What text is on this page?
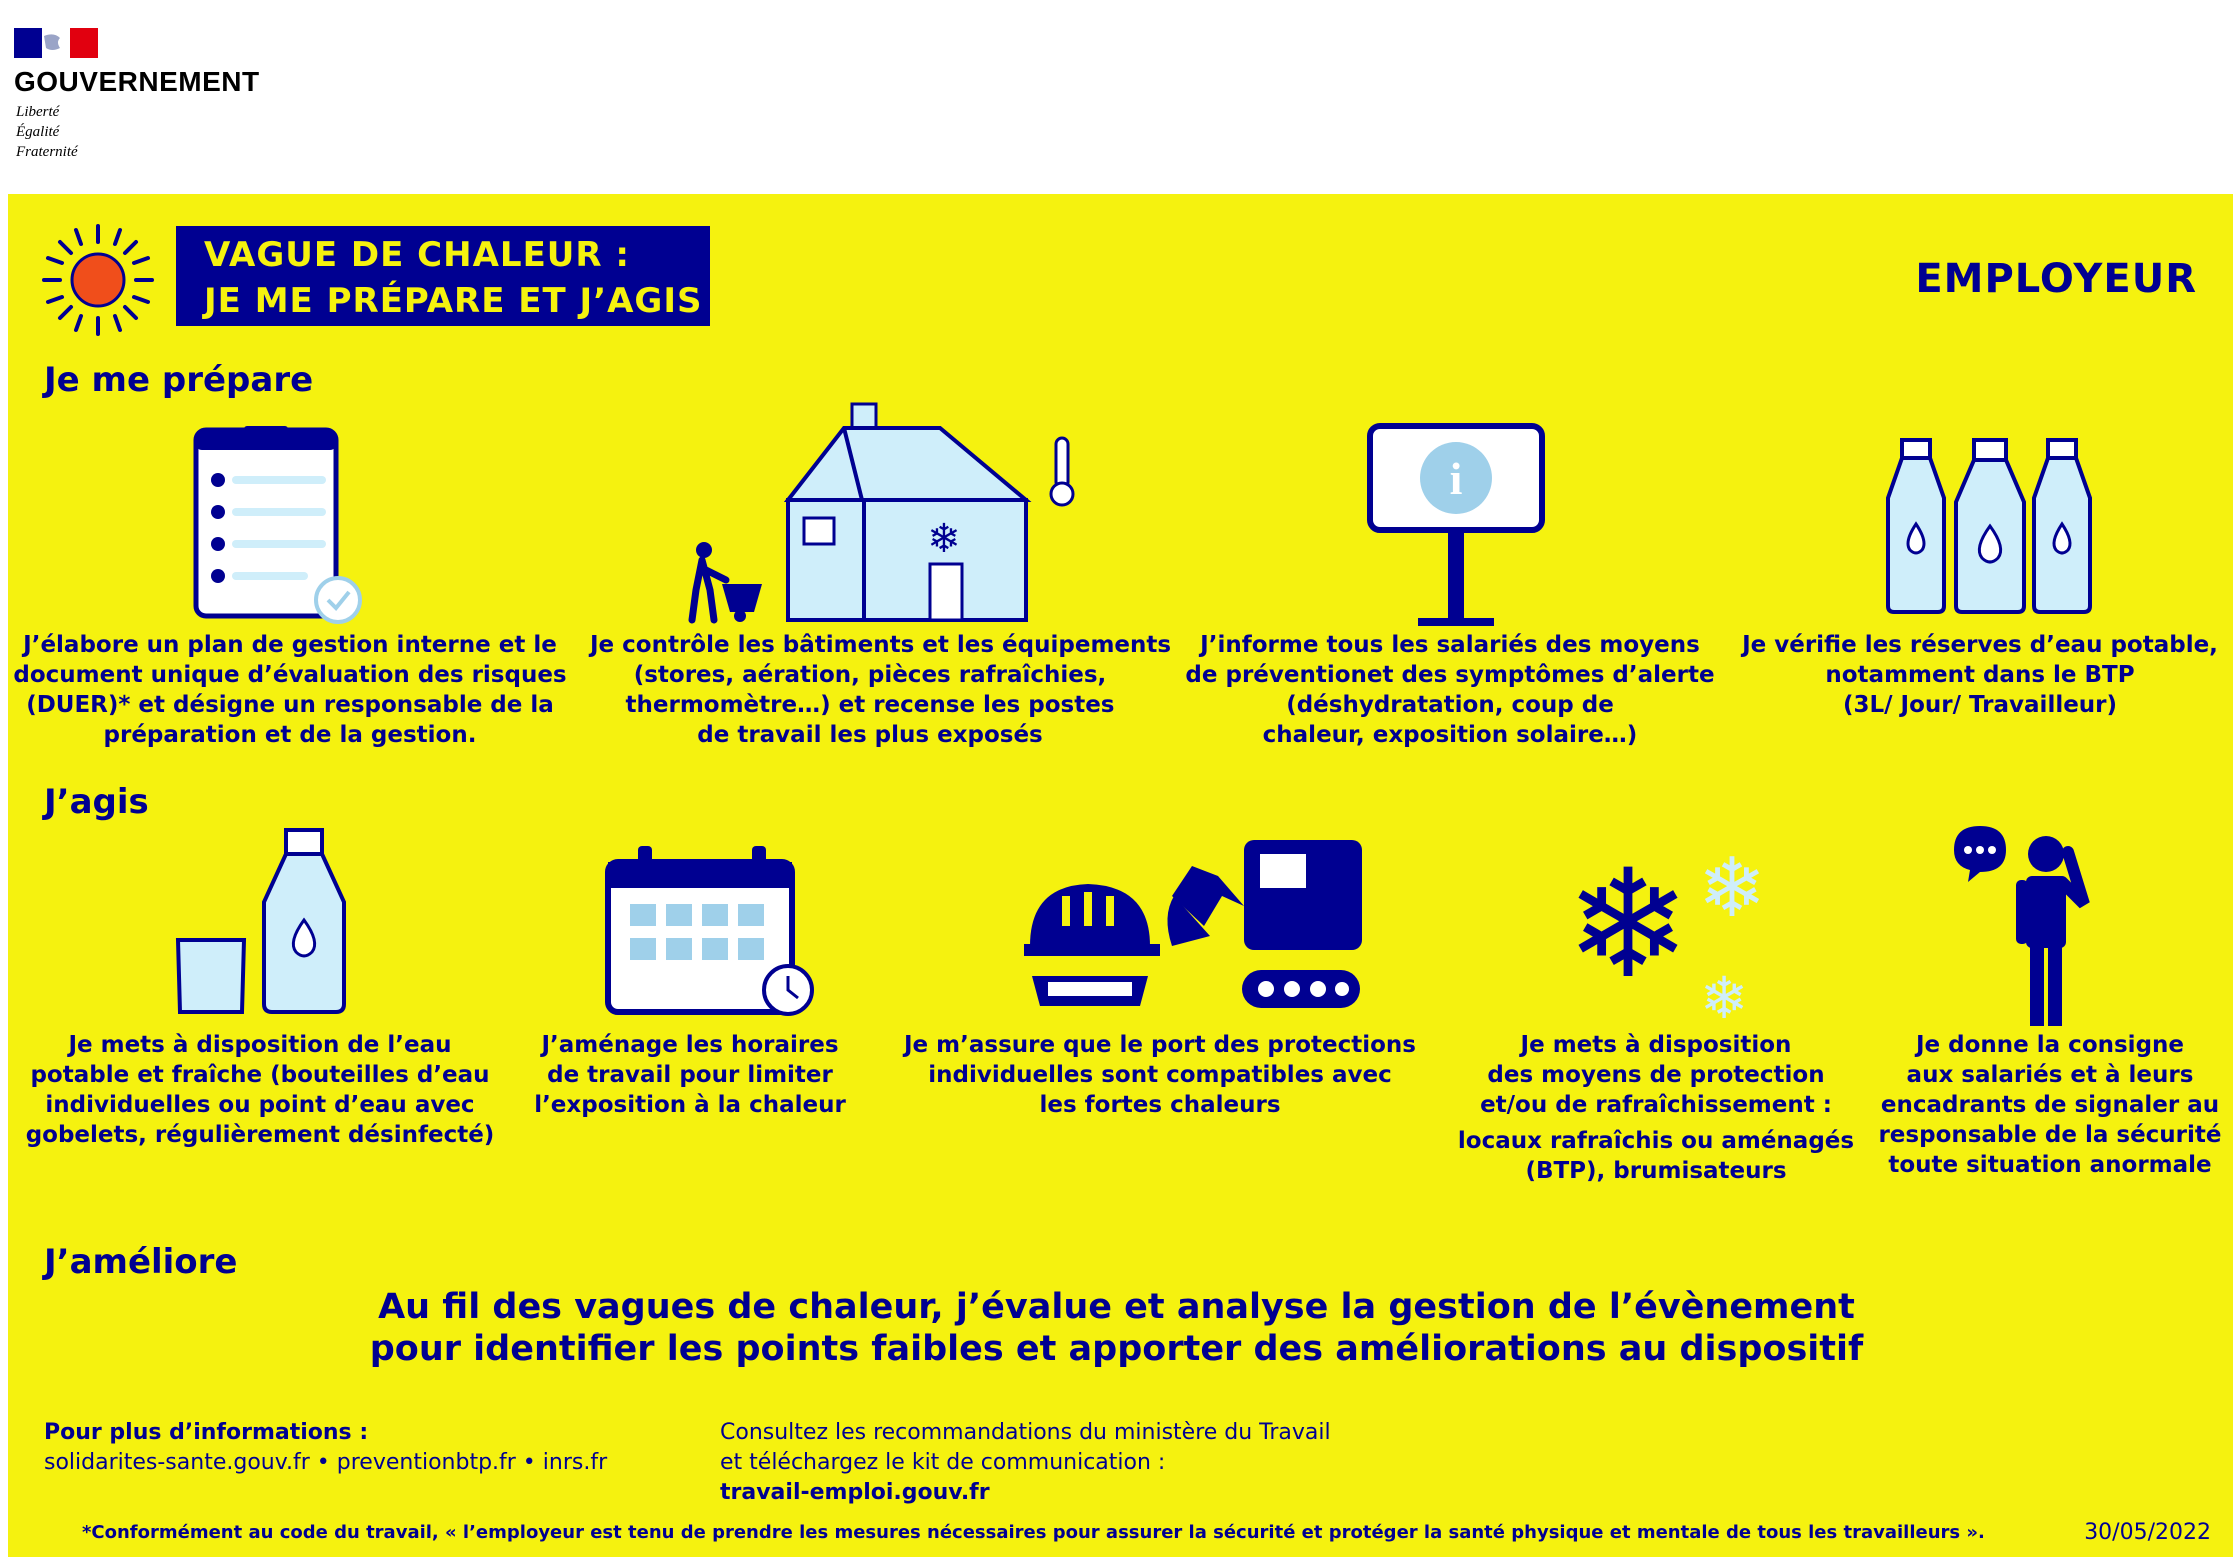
GOUVERNEMENT
Liberté
Égalité
Fraternité
VAGUE DE CHALEUR :
JE ME PRÉPARE ET J’AGIS	EMPLOYEUR
Je me prépare
❄
i
J’élabore un plan de gestion interne et le
document unique d’évaluation des risques
(DUER)* et désigne un responsable de la
préparation et de la gestion.
Je contrôle les bâtiments et les équipements
(stores, aération, pièces rafraîchies,
thermomètre…) et recense les postes
de travail les plus exposés
J’informe tous les salariés des moyens
de préventionet des symptômes d’alerte
(déshydratation, coup de
chaleur, exposition solaire…)
Je vérifie les réserves d’eau potable,
notamment dans le BTP
(3L/ Jour/ Travailleur)
J’agis
❄ ❄
❄
Je mets à disposition de l’eau
potable et fraîche (bouteilles d’eau
individuelles ou point d’eau avec
gobelets, régulièrement désinfecté)
J’aménage les horaires
de travail pour limiter
l’exposition à la chaleur
Je m’assure que le port des protections
individuelles sont compatibles avec
les fortes chaleurs
Je mets à disposition
des moyens de protection
et/ou de rafraîchissement :
locaux rafraîchis ou aménagés
(BTP), brumisateurs
Je donne la consigne
aux salariés et à leurs
encadrants de signaler au
responsable de la sécurité
toute situation anormale
J’améliore
Au fil des vagues de chaleur, j’évalue et analyse la gestion de l’évènement
pour identifier les points faibles et apporter des améliorations au dispositif
Pour plus d’informations :
solidarites-sante.gouv.fr • preventionbtp.fr • inrs.fr
Consultez les recommandations du ministère du Travail
et téléchargez le kit de communication :
travail-emploi.gouv.fr
*Conformément au code du travail, « l’employeur est tenu de prendre les mesures nécessaires pour assurer la sécurité et protéger la santé physique et mentale de tous les travailleurs ».	30/05/2022
